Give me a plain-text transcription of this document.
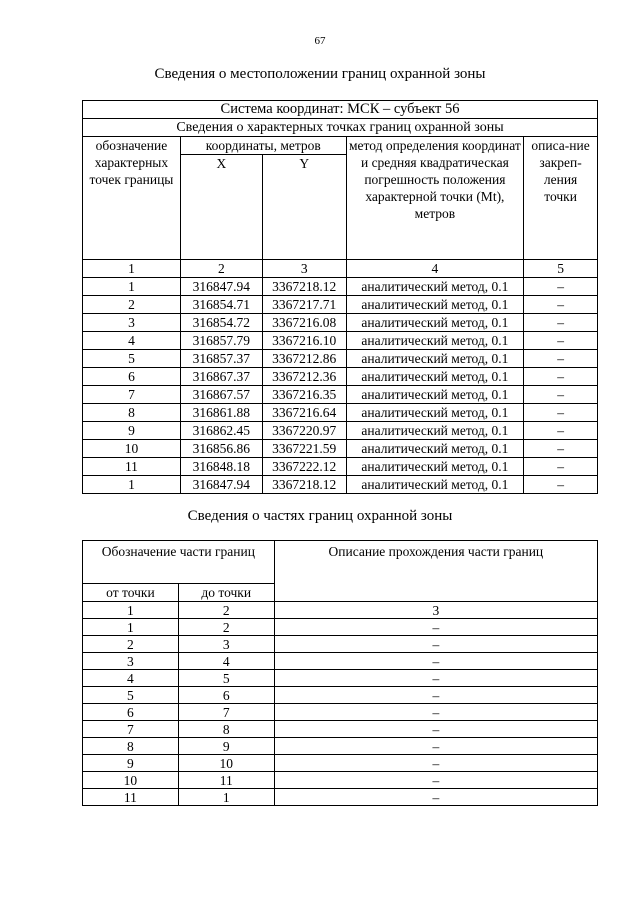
67
Сведения о местоположении границ охранной зоны
Система координат: МСК – субъект 56				
Сведения о характерных точках границ охранной зоны				
обозначение характерных точек границы	координаты, метров		метод определения координат и средняя квадратическая погрешность положения характерной точки (Mt), метров	описа-ние закреп-ления точки
	X	Y		
1	2	3	4	5
1	316847.94	3367218.12	аналитический метод, 0.1	–
2	316854.71	3367217.71	аналитический метод, 0.1	–
3	316854.72	3367216.08	аналитический метод, 0.1	–
4	316857.79	3367216.10	аналитический метод, 0.1	–
5	316857.37	3367212.86	аналитический метод, 0.1	–
6	316867.37	3367212.36	аналитический метод, 0.1	–
7	316867.57	3367216.35	аналитический метод, 0.1	–
8	316861.88	3367216.64	аналитический метод, 0.1	–
9	316862.45	3367220.97	аналитический метод, 0.1	–
10	316856.86	3367221.59	аналитический метод, 0.1	–
11	316848.18	3367222.12	аналитический метод, 0.1	–
1	316847.94	3367218.12	аналитический метод, 0.1	–
Сведения о частях границ охранной зоны
Обозначение части границ		Описание прохождения части границ
от точки	до точки	
1	2	3
1	2	–
2	3	–
3	4	–
4	5	–
5	6	–
6	7	–
7	8	–
8	9	–
9	10	–
10	11	–
11	1	–
